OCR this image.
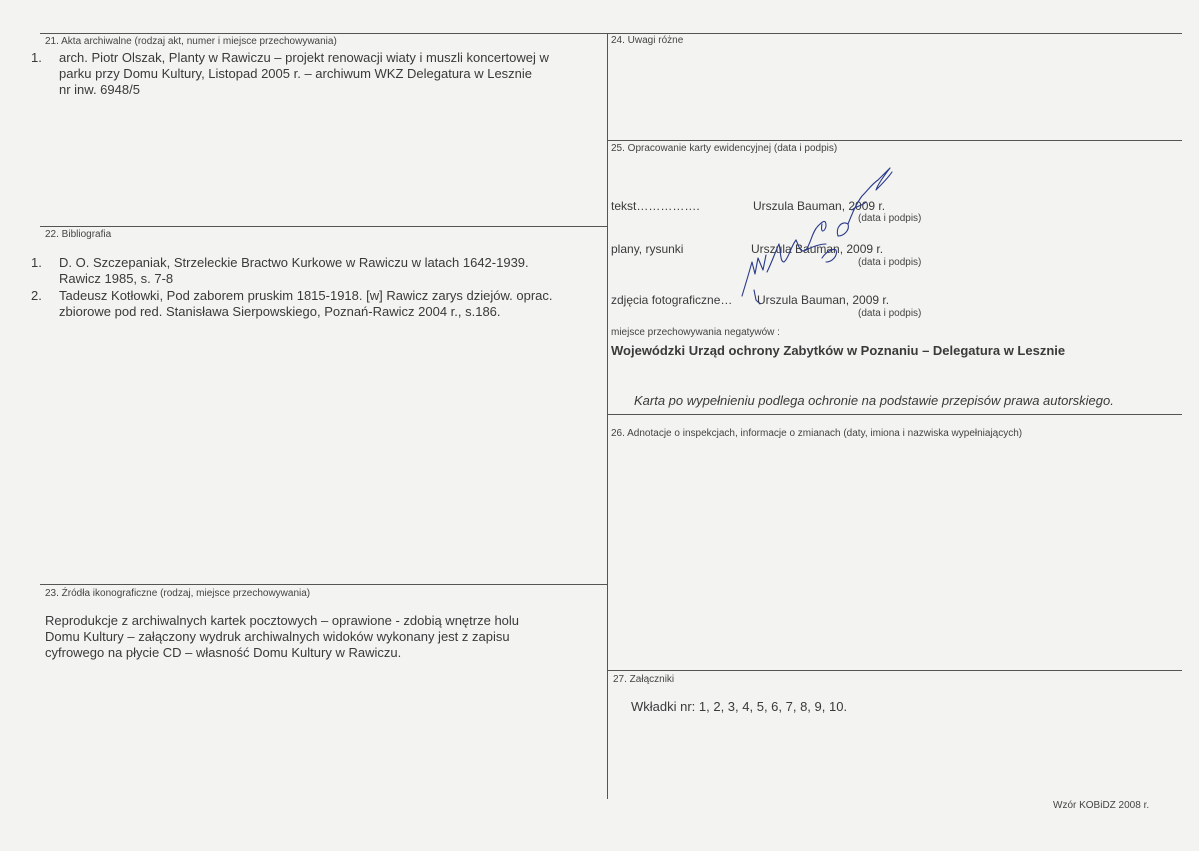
21. Akta archiwalne (rodzaj akt, numer i miejsce przechowywania)
1. arch. Piotr Olszak, Planty w Rawiczu – projekt renowacji wiaty i muszli koncertowej w
parku przy Domu Kultury, Listopad 2005 r. – archiwum WKZ Delegatura w Lesznie
nr inw. 6948/5
22. Bibliografia
1. D. O. Szczepaniak, Strzeleckie Bractwo Kurkowe w Rawiczu w latach 1642-1939.
Rawicz 1985, s. 7-8
2. Tadeusz Kotłowki, Pod zaborem pruskim 1815-1918. [w] Rawicz zarys dziejów. oprac.
zbiorowe pod red. Stanisława Sierpowskiego, Poznań-Rawicz 2004 r., s.186.
23. Źródła ikonograficzne (rodzaj, miejsce przechowywania)
Reprodukcje z archiwalnych kartek pocztowych – oprawione - zdobią wnętrze holu
Domu Kultury – załączony wydruk archiwalnych widoków wykonany jest z zapisu
cyfrowego na płycie CD – własność Domu Kultury w Rawiczu.
24. Uwagi różne
25. Opracowanie karty ewidencyjnej (data i podpis)
tekst…………….	Urszula Bauman, 2009 r.
(data i podpis)
plany, rysunki	Urszula Bauman, 2009 r.
(data i podpis)
zdjęcia fotograficzne… Urszula Bauman, 2009 r.
(data i podpis)
miejsce przechowywania negatywów :
Wojewódzki Urząd ochrony Zabytków w Poznaniu – Delegatura w Lesznie
Karta po wypełnieniu podlega ochronie na podstawie przepisów prawa autorskiego.
26. Adnotacje o inspekcjach, informacje o zmianach (daty, imiona i nazwiska wypełniających)
27. Załączniki
Wkładki nr: 1, 2, 3, 4, 5, 6, 7, 8, 9, 10.
Wzór KOBiDZ 2008 r.
